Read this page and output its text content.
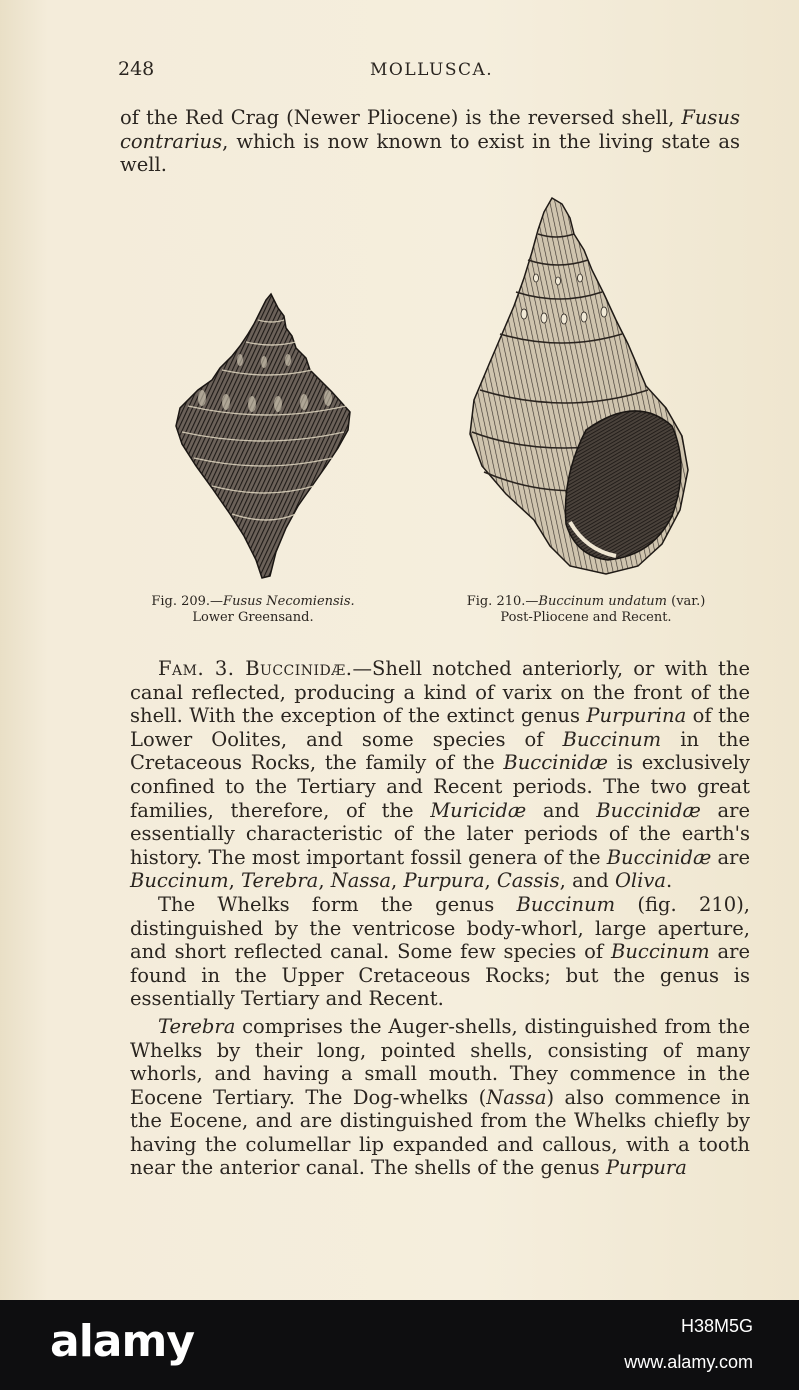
248	MOLLUSCA.

of the Red Crag (Newer Pliocene) is the reversed shell, Fusus contrarius, which is now known to exist in the living state as well.

Fig. 209.—Fusus Necomiensis.
Lower Greensand.
Fig. 210.—Buccinum undatum (var.)
Post-Pliocene and Recent.

Fam. 3. Buccinidæ.—Shell notched anteriorly, or with the canal reflected, producing a kind of varix on the front of the shell. With the exception of the extinct genus Purpurina of the Lower Oolites, and some species of Buccinum in the Cretaceous Rocks, the family of the Buccinidæ is exclusively confined to the Tertiary and Recent periods. The two great families, therefore, of the Muricidæ and Buccinidæ are essentially characteristic of the later periods of the earth's history. The most important fossil genera of the Buccinidæ are Buccinum, Terebra, Nassa, Purpura, Cassis, and Oliva.

The Whelks form the genus Buccinum (fig. 210), distinguished by the ventricose body-whorl, large aperture, and short reflected canal. Some few species of Buccinum are found in the Upper Cretaceous Rocks; but the genus is essentially Tertiary and Recent.

Terebra comprises the Auger-shells, distinguished from the Whelks by their long, pointed shells, consisting of many whorls, and having a small mouth. They commence in the Eocene Tertiary. The Dog-whelks (Nassa) also commence in the Eocene, and are distinguished from the Whelks chiefly by having the columellar lip expanded and callous, with a tooth near the anterior canal. The shells of the genus Purpura

alamy	H38M5G
www.alamy.com
